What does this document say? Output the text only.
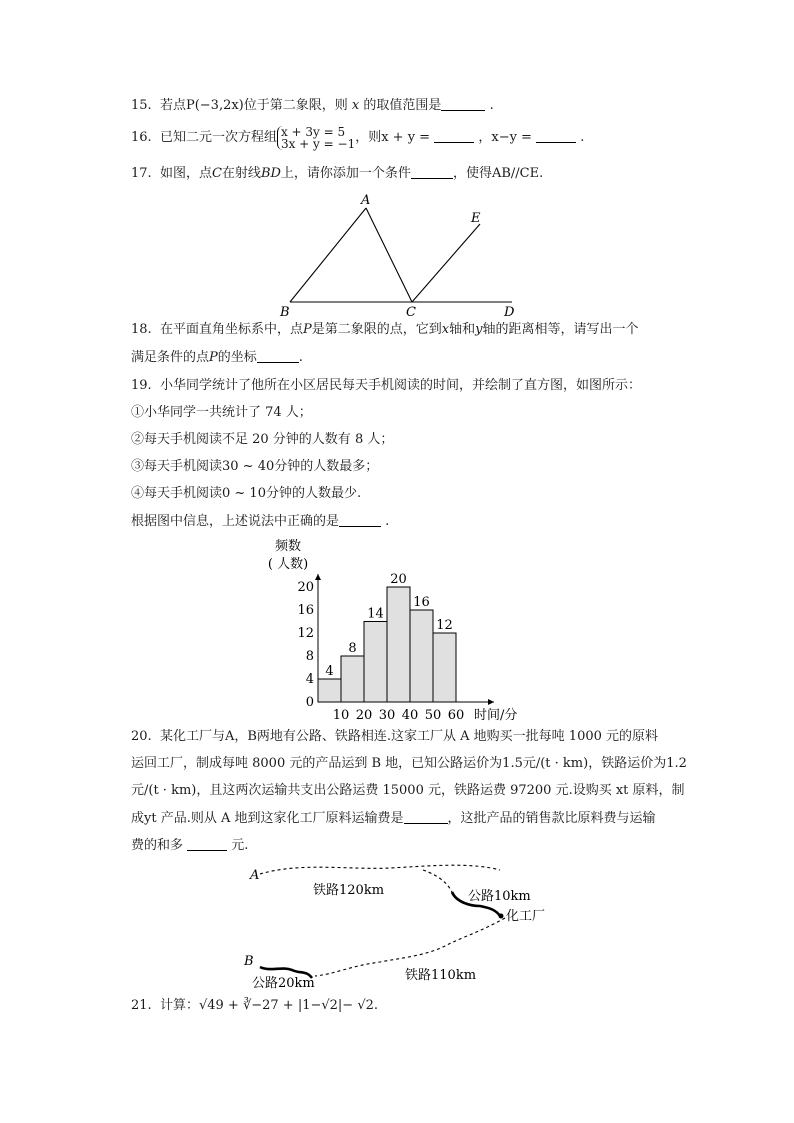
15. 若点P(−3,2x)位于第二象限，则 x 的取值范围是	.
16. 已知二元一次方程组 x + 3y = 5
3x + y = −1，则x + y =	，x−y =	.
17. 如图，点C在射线BD上，请你添加一个条件	，使得AB//CE.
A
B	C	D
E
18. 在平面直角坐标系中，点P是第二象限的点，它到x轴和y轴的距离相等，请写出一个
满足条件的点P的坐标	.
19. 小华同学统计了他所在小区居民每天手机阅读的时间，并绘制了直方图，如图所示：
①小华同学一共统计了 74 人；
②每天手机阅读不足 20 分钟的人数有 8 人；
③每天手机阅读30 ~ 40分钟的人数最多；
④每天手机阅读0 ~ 10分钟的人数最少.
根据图中信息，上述说法中正确的是	.
频数
( 人数)
时间/分
4
8
14
20
16
12
0
4
8
12
16
20
10 20 30 40 50 60
20. 某化工厂与A，B两地有公路、铁路相连.这家工厂从 A 地购买一批每吨 1000 元的原料
运回工厂，制成每吨 8000 元的产品运到 B 地，已知公路运价为1.5元/(t · km)，铁路运价为1.2
元/(t · km)，且这两次运输共支出公路运费 15000 元，铁路运费 97200 元.设购买 xt 原料，制
成yt 产品.则从 A 地到这家化工厂原料运输费是	，这批产品的销售款比原料费与运输
费的和多	元.
A
B
铁路120km	公路10km
化工厂
公路20km
铁路110km
21. 计算：√49 + ∛−27 + |1−√2|− √2.
